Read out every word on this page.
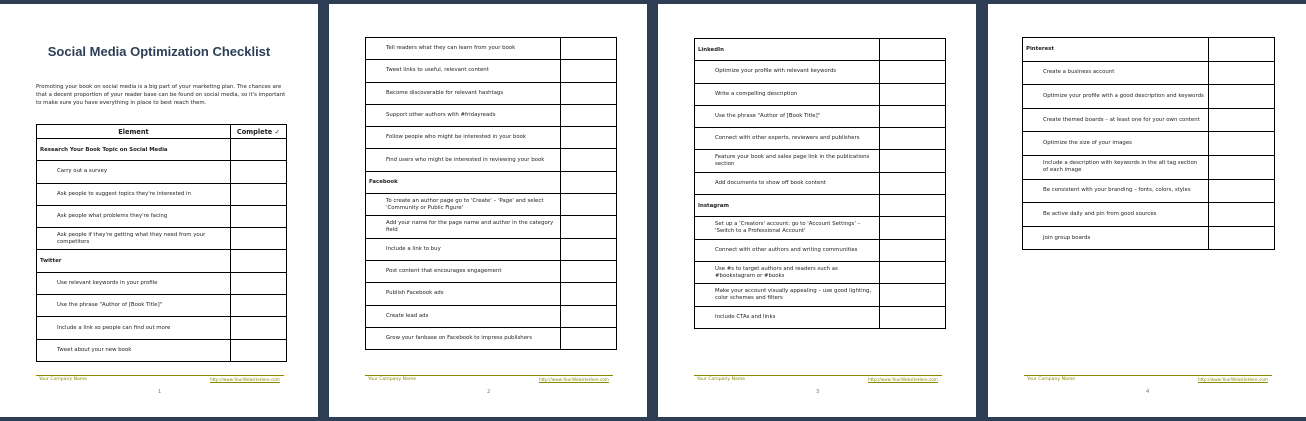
Social Media Optimization Checklist
Promoting your book on social media is a big part of your marketing plan. The chances are that a decent proportion of your reader base can be found on social media, so it's important to make sure you have everything in place to best reach them.
Element	Complete ✓
Research Your Book Topic on Social Media	
Carry out a survey	
Ask people to suggest topics they're interested in	
Ask people what problems they're facing	
Ask people if they're getting what they need from your competitors	
Twitter	
Use relevant keywords in your profile	
Use the phrase "Author of [Book Title]"	
Include a link so people can find out more	
Tweet about your new book	
Your Company Name	http://www.YourWebsiteHere.com
1
Tell readers what they can learn from your book	
Tweet links to useful, relevant content	
Become discoverable for relevant hashtags	
Support other authors with #fridayreads	
Follow people who might be interested in your book	
Find users who might be interested in reviewing your book	
Facebook	
To create an author page go to 'Create' – 'Page' and select 'Community or Public Figure'	
Add your name for the page name and author in the category field	
Include a link to buy	
Post content that encourages engagement	
Publish Facebook ads	
Create lead ads	
Grow your fanbase on Facebook to impress publishers	
Your Company Name	http://www.YourWebsiteHere.com
2
LinkedIn	
Optimize your profile with relevant keywords	
Write a compelling description	
Use the phrase "Author of [Book Title]"	
Connect with other experts, reviewers and publishers	
Feature your book and sales page link in the publications section	
Add documents to show off book content	
Instagram	
Set up a 'Creators' account: go to 'Account Settings' – 'Switch to a Professional Account'	
Connect with other authors and writing communities	
Use #s to target authors and readers such as #bookstagram or #books	
Make your account visually appealing – use good lighting, color schemes and filters	
Include CTAs and links	
Your Company Name	http://www.YourWebsiteHere.com
3
Pinterest	
Create a business account	
Optimize your profile with a good description and keywords	
Create themed boards – at least one for your own content	
Optimize the size of your images	
Include a description with keywords in the alt tag section of each image	
Be consistent with your branding – fonts, colors, styles	
Be active daily and pin from good sources	
Join group boards	
Your Company Name	http://www.YourWebsiteHere.com
4
